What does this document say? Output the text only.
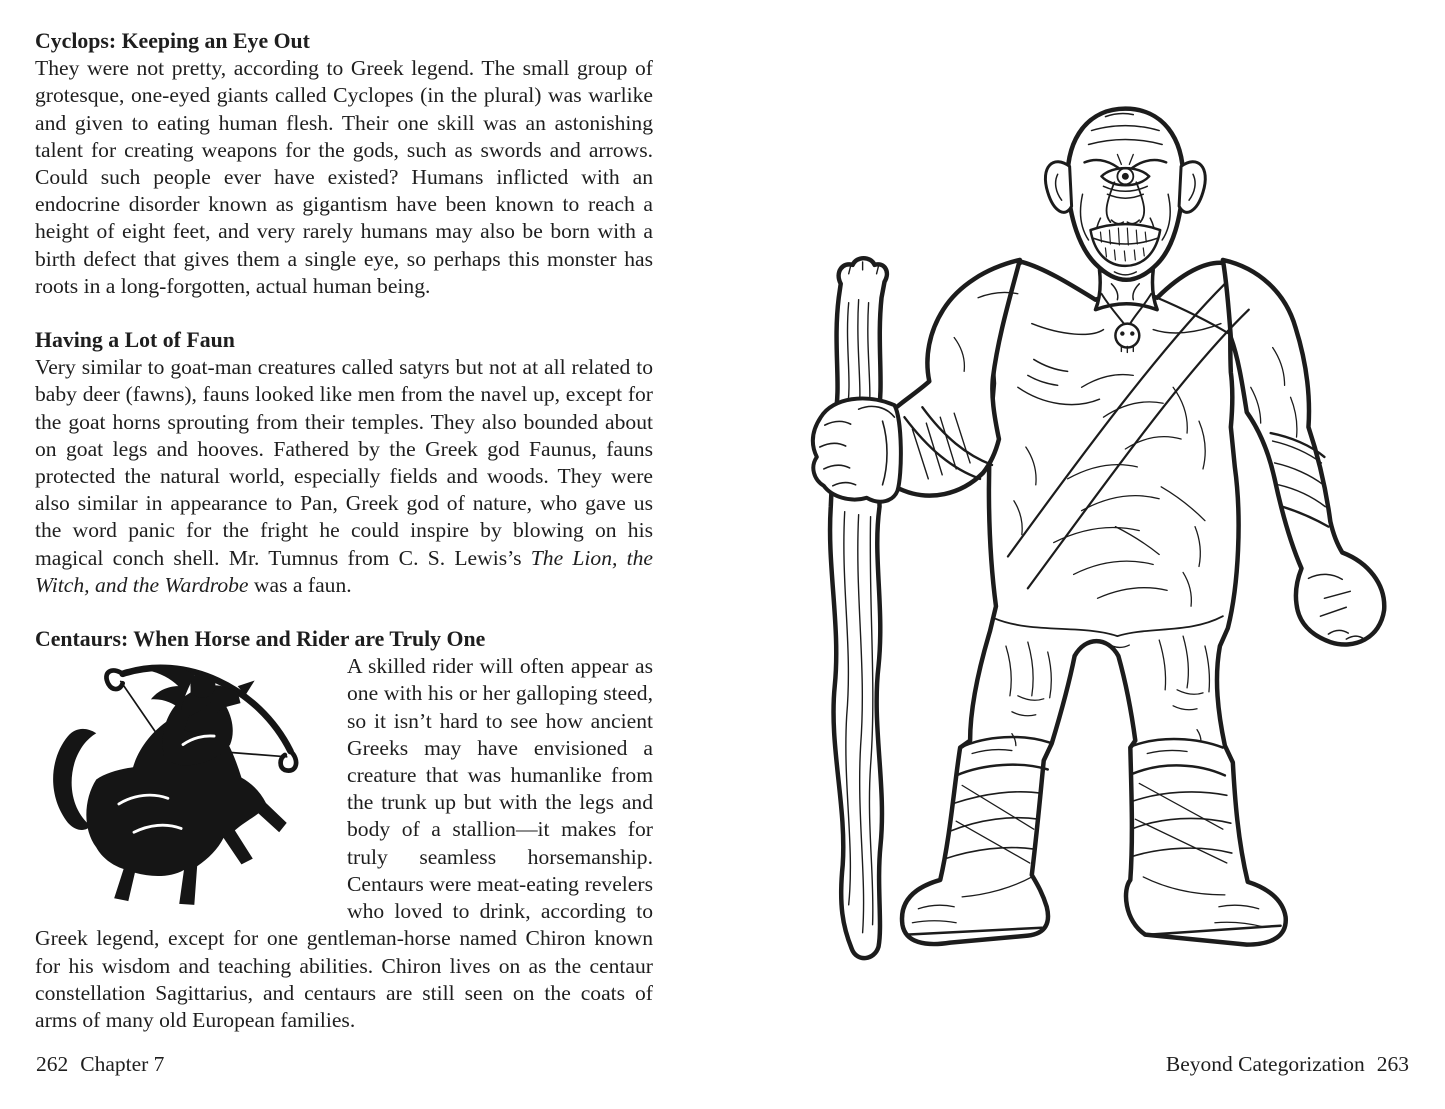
Cyclops: Keeping an Eye Out

They were not pretty, according to Greek legend. The small group of grotesque, one-eyed giants called Cyclopes (in the plural) was warlike and given to eating human flesh. Their one skill was an astonishing talent for creating weapons for the gods, such as swords and arrows. Could such people ever have existed? Humans inflicted with an endocrine disorder known as gigantism have been known to reach a height of eight feet, and very rarely humans may also be born with a birth defect that gives them a single eye, so perhaps this monster has roots in a long-forgotten, actual human being.

Having a Lot of Faun

Very similar to goat-man creatures called satyrs but not at all related to baby deer (fawns), fauns looked like men from the navel up, except for the goat horns sprouting from their temples. They also bounded about on goat legs and hooves. Fathered by the Greek god Faunus, fauns protected the natural world, especially fields and woods. They were also similar in appearance to Pan, Greek god of nature, who gave us the word panic for the fright he could inspire by blowing on his magical conch shell. Mr. Tumnus from C. S. Lewis’s The Lion, the Witch, and the Wardrobe was a faun.

Centaurs: When Horse and Rider are Truly One

A skilled rider will often appear as one with his or her galloping steed, so it isn’t hard to see how ancient Greeks may have envisioned a creature that was humanlike from the trunk up but with the legs and body of a stallion—it makes for truly seamless horsemanship. Centaurs were meat-eating revelers who loved to drink, according to Greek legend, except for one gentleman-horse named Chiron known for his wisdom and teaching abilities. Chiron lives on as the centaur constellation Sagittarius, and centaurs are still seen on the coats of arms of many old European families.

262 Chapter 7	Beyond Categorization 263
